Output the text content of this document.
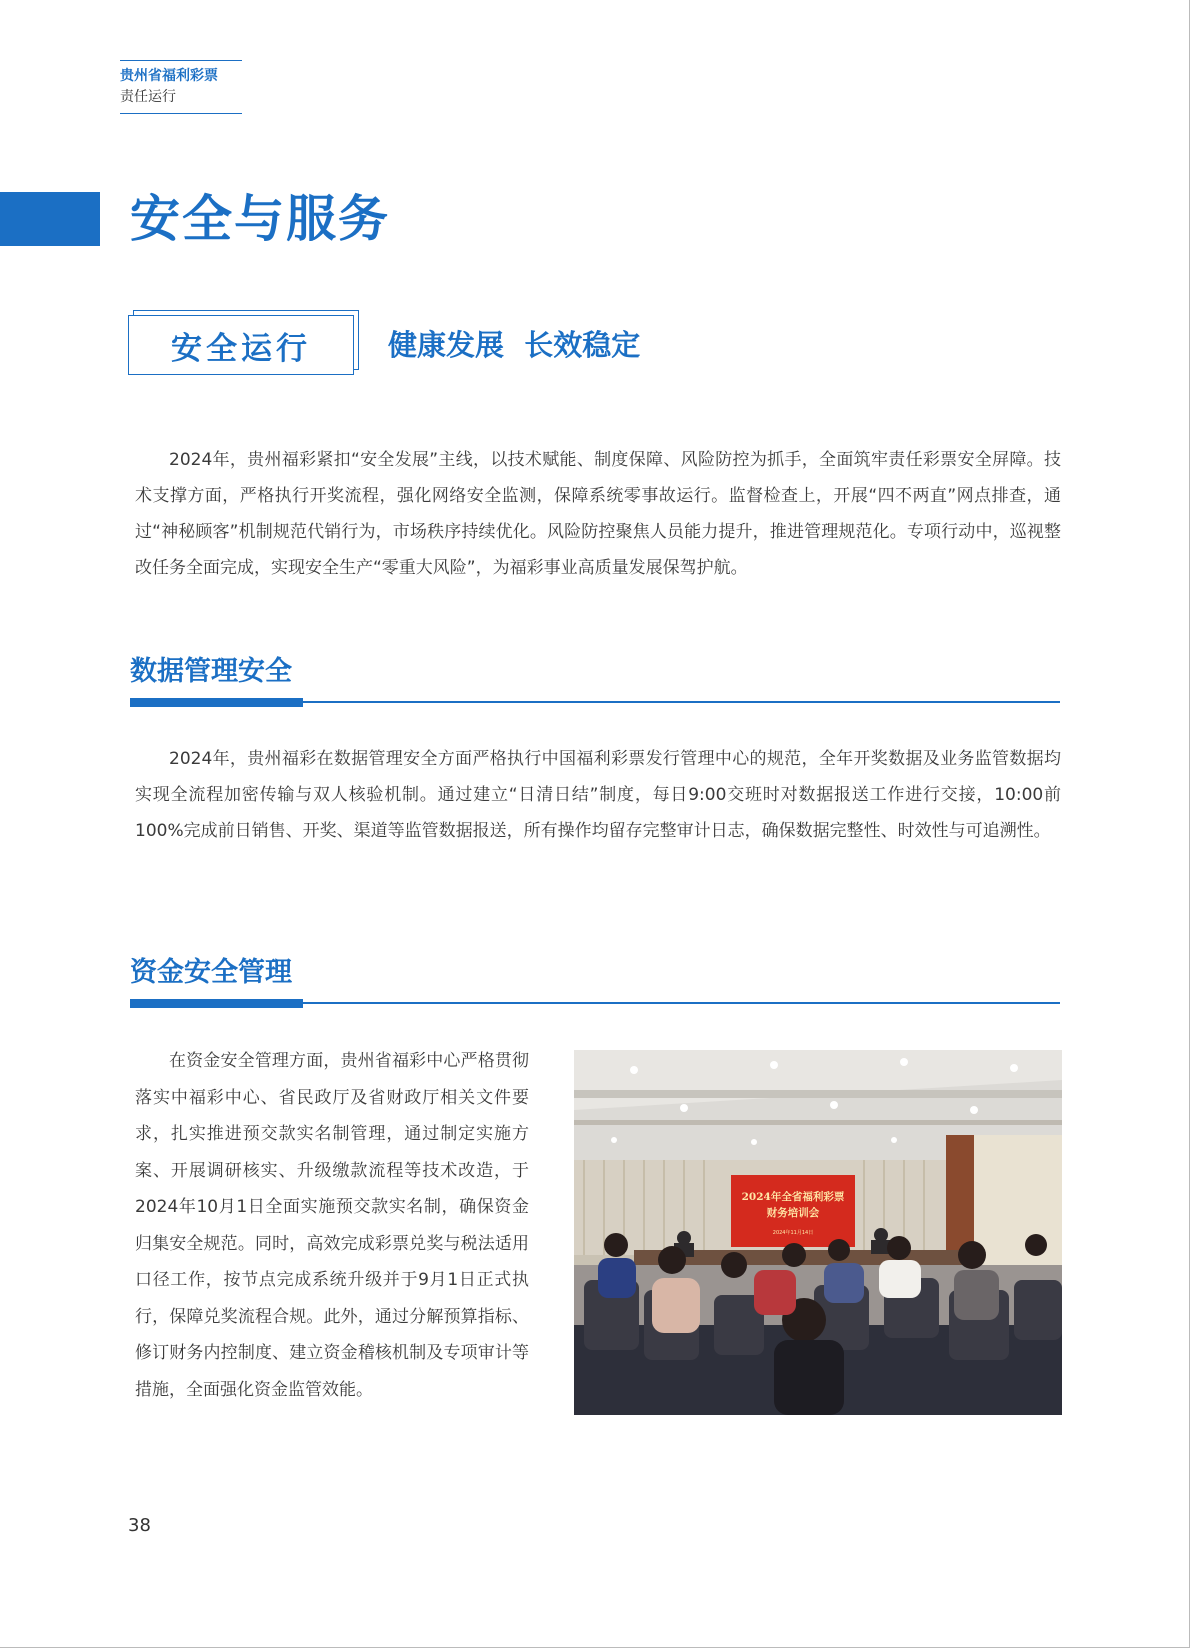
贵州省福利彩票
责任运行
安全与服务
安全运行	健康发展  长效稳定

2024年，贵州福彩紧扣“安全发展”主线，以技术赋能、制度保障、风险防控为抓手，全面筑牢责任彩票安全屏障。技术支撑方面，严格执行开奖流程，强化网络安全监测，保障系统零事故运行。监督检查上，开展“四不两直”网点排查，通过“神秘顾客”机制规范代销行为，市场秩序持续优化。风险防控聚焦人员能力提升，推进管理规范化。专项行动中，巡视整改任务全面完成，实现安全生产“零重大风险”，为福彩事业高质量发展保驾护航。

数据管理安全

2024年，贵州福彩在数据管理安全方面严格执行中国福利彩票发行管理中心的规范，全年开奖数据及业务监管数据均实现全流程加密传输与双人核验机制。通过建立“日清日结”制度，每日9:00交班时对数据报送工作进行交接，10:00前100%完成前日销售、开奖、渠道等监管数据报送，所有操作均留存完整审计日志，确保数据完整性、时效性与可追溯性。

资金安全管理

在资金安全管理方面，贵州省福彩中心严格贯彻落实中福彩中心、省民政厅及省财政厅相关文件要求，扎实推进预交款实名制管理，通过制定实施方案、开展调研核实、升级缴款流程等技术改造，于2024年10月1日全面实施预交款实名制，确保资金归集安全规范。同时，高效完成彩票兑奖与税法适用口径工作，按节点完成系统升级并于9月1日正式执行，保障兑奖流程合规。此外，通过分解预算指标、修订财务内控制度、建立资金稽核机制及专项审计等措施，全面强化资金监管效能。

2024年全省福利彩票
财务培训会
2024年11月14日
38
